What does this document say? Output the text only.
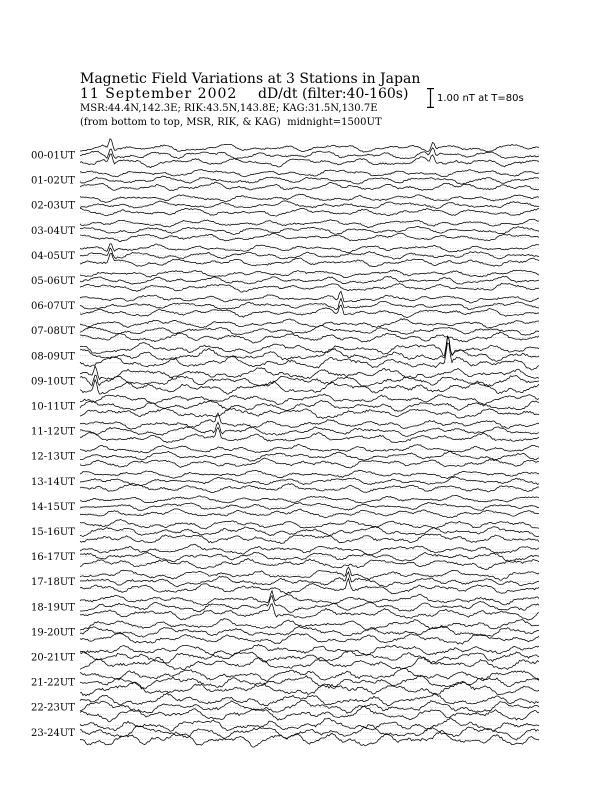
Magnetic Field Variations at 3 Stations in Japan
11 September 2002 dD/dt (filter:40-160s)
MSR:44.4N,142.3E; RIK:43.5N,143.8E; KAG:31.5N,130.7E
(from bottom to top, MSR, RIK, & KAG) midnight=1500UT
1.00 nT at T=80s
00-01UT
01-02UT
02-03UT
03-04UT
04-05UT
05-06UT
06-07UT
07-08UT
08-09UT
09-10UT
10-11UT
11-12UT
12-13UT
13-14UT
14-15UT
15-16UT
16-17UT
17-18UT
18-19UT
19-20UT
20-21UT
21-22UT
22-23UT
23-24UT
